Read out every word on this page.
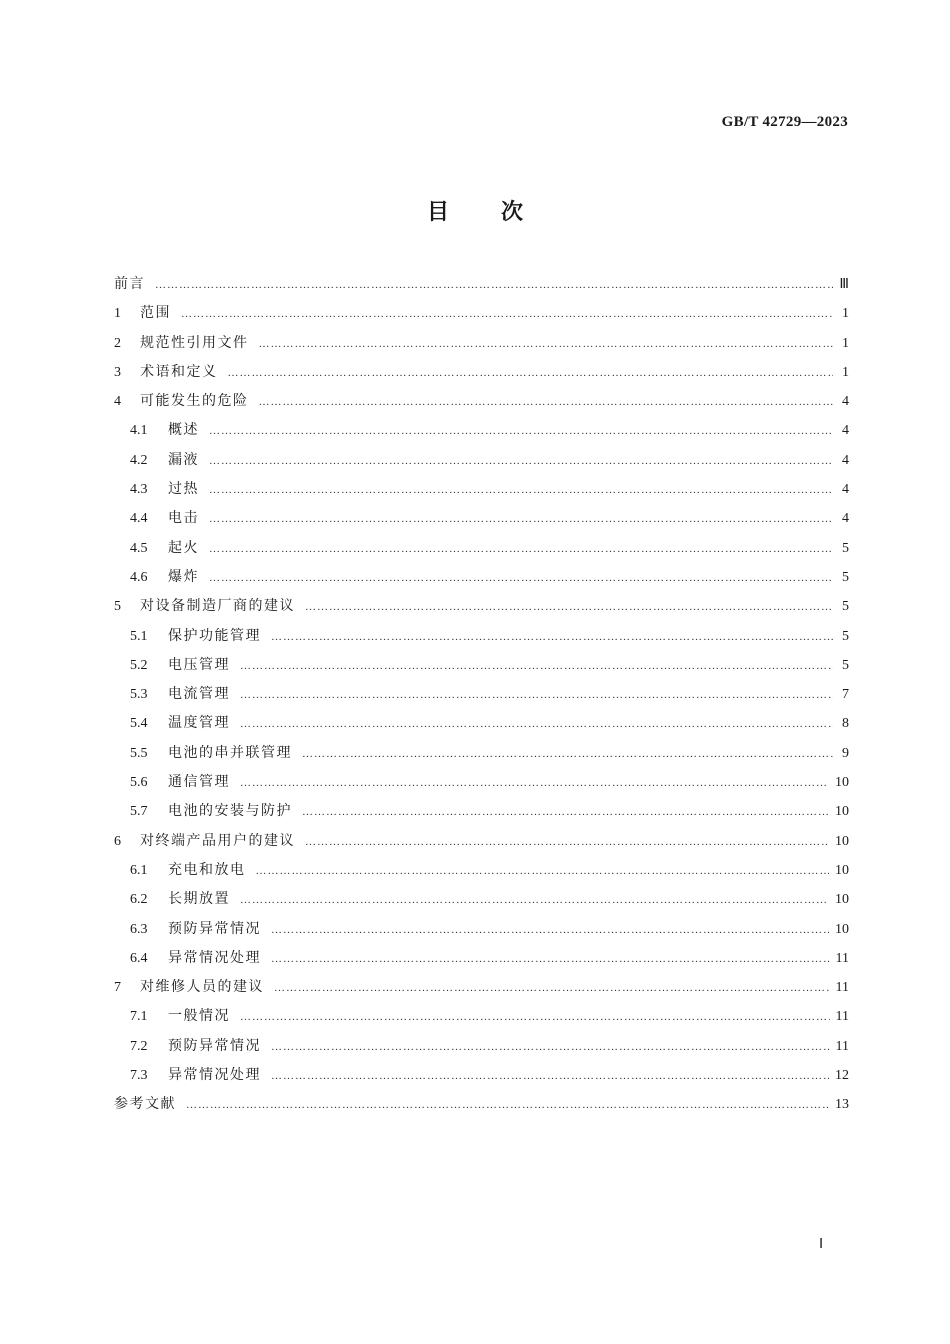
GB/T 42729—2023
目 次
前言 ……………………………………………………………………………………………………………………………………………………………………………………………………………………	Ⅲ
1	范围 ……………………………………………………………………………………………………………………………………………………………………………………………………………………	1
2	规范性引用文件 ……………………………………………………………………………………………………………………………………………………………………………………………………………………	1
3	术语和定义 ……………………………………………………………………………………………………………………………………………………………………………………………………………………	1
4	可能发生的危险 ……………………………………………………………………………………………………………………………………………………………………………………………………………………	4
4.1	概述 ……………………………………………………………………………………………………………………………………………………………………………………………………………………	4
4.2	漏液 ……………………………………………………………………………………………………………………………………………………………………………………………………………………	4
4.3	过热 ……………………………………………………………………………………………………………………………………………………………………………………………………………………	4
4.4	电击 ……………………………………………………………………………………………………………………………………………………………………………………………………………………	4
4.5	起火 ……………………………………………………………………………………………………………………………………………………………………………………………………………………	5
4.6	爆炸 ……………………………………………………………………………………………………………………………………………………………………………………………………………………	5
5	对设备制造厂商的建议 ……………………………………………………………………………………………………………………………………………………………………………………………………………………	5
5.1	保护功能管理 ……………………………………………………………………………………………………………………………………………………………………………………………………………………	5
5.2	电压管理 ……………………………………………………………………………………………………………………………………………………………………………………………………………………	5
5.3	电流管理 ……………………………………………………………………………………………………………………………………………………………………………………………………………………	7
5.4	温度管理 ……………………………………………………………………………………………………………………………………………………………………………………………………………………	8
5.5	电池的串并联管理 ……………………………………………………………………………………………………………………………………………………………………………………………………………………	9
5.6	通信管理 ……………………………………………………………………………………………………………………………………………………………………………………………………………………	10
5.7	电池的安装与防护 ……………………………………………………………………………………………………………………………………………………………………………………………………………………	10
6	对终端产品用户的建议 ……………………………………………………………………………………………………………………………………………………………………………………………………………………	10
6.1	充电和放电 ……………………………………………………………………………………………………………………………………………………………………………………………………………………	10
6.2	长期放置 ……………………………………………………………………………………………………………………………………………………………………………………………………………………	10
6.3	预防异常情况 ……………………………………………………………………………………………………………………………………………………………………………………………………………………	10
6.4	异常情况处理 ……………………………………………………………………………………………………………………………………………………………………………………………………………………	11
7	对维修人员的建议 ……………………………………………………………………………………………………………………………………………………………………………………………………………………	11
7.1	一般情况 ……………………………………………………………………………………………………………………………………………………………………………………………………………………	11
7.2	预防异常情况 ……………………………………………………………………………………………………………………………………………………………………………………………………………………	11
7.3	异常情况处理 ……………………………………………………………………………………………………………………………………………………………………………………………………………………	12
参考文献 ……………………………………………………………………………………………………………………………………………………………………………………………………………………	13
Ⅰ
